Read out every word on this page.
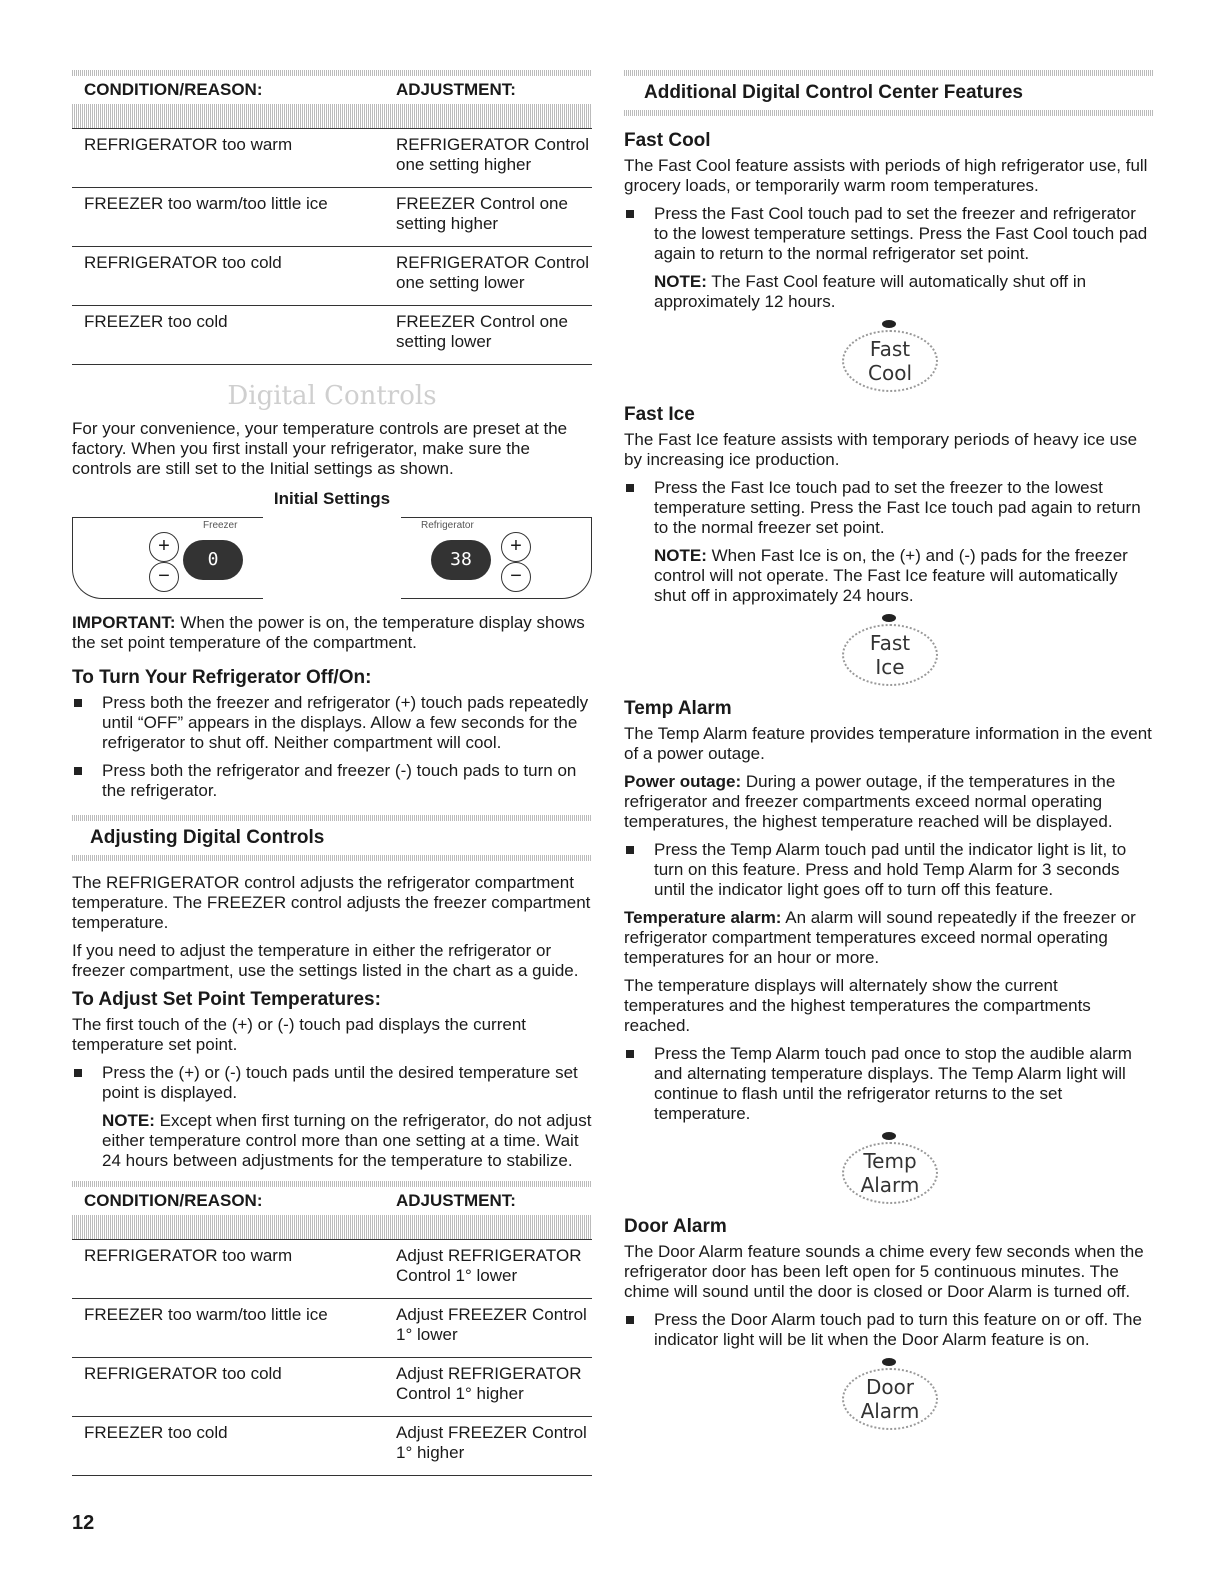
CONDITION/REASON:	ADJUSTMENT:

REFRIGERATOR too warm	REFRIGERATOR Control one setting higher
FREEZER too warm/too little ice	FREEZER Control one setting higher
REFRIGERATOR too cold	REFRIGERATOR Control one setting lower
FREEZER too cold	FREEZER Control one setting lower
Digital Controls

For your convenience, your temperature controls are preset at the factory. When you first install your refrigerator, make sure the controls are still set to the Initial settings as shown.

Initial Settings
Freezer
+
−
0
Refrigerator
38
+
−

IMPORTANT: When the power is on, the temperature display shows the set point temperature of the compartment.

To Turn Your Refrigerator Off/On:
Press both the freezer and refrigerator (+) touch pads repeatedly until “OFF” appears in the displays. Allow a few seconds for the refrigerator to shut off. Neither compartment will cool.
Press both the refrigerator and freezer (-) touch pads to turn on the refrigerator.
Adjusting Digital Controls

The REFRIGERATOR control adjusts the refrigerator compartment temperature. The FREEZER control adjusts the freezer compartment temperature.

If you need to adjust the temperature in either the refrigerator or freezer compartment, use the settings listed in the chart as a guide.

To Adjust Set Point Temperatures:

The first touch of the (+) or (-) touch pad displays the current temperature set point.

Press the (+) or (-) touch pads until the desired temperature set point is displayed.
NOTE: Except when first turning on the refrigerator, do not adjust either temperature control more than one setting at a time. Wait 24 hours between adjustments for the temperature to stabilize.
CONDITION/REASON:	ADJUSTMENT:

REFRIGERATOR too warm	Adjust REFRIGERATOR Control 1° lower
FREEZER too warm/too little ice	Adjust FREEZER Control 1° lower
REFRIGERATOR too cold	Adjust REFRIGERATOR Control 1° higher
FREEZER too cold	Adjust FREEZER Control 1° higher
Additional Digital Control Center Features
Fast Cool

The Fast Cool feature assists with periods of high refrigerator use, full grocery loads, or temporarily warm room temperatures.

Press the Fast Cool touch pad to set the freezer and refrigerator to the lowest temperature settings. Press the Fast Cool touch pad again to return to the normal refrigerator set point.
NOTE: The Fast Cool feature will automatically shut off in approximately 12 hours.
Fast
Cool
Fast Ice

The Fast Ice feature assists with temporary periods of heavy ice use by increasing ice production.

Press the Fast Ice touch pad to set the freezer to the lowest temperature setting. Press the Fast Ice touch pad again to return to the normal freezer set point.
NOTE: When Fast Ice is on, the (+) and (-) pads for the freezer control will not operate. The Fast Ice feature will automatically shut off in approximately 24 hours.
Fast
Ice
Temp Alarm

The Temp Alarm feature provides temperature information in the event of a power outage.

Power outage: During a power outage, if the temperatures in the refrigerator and freezer compartments exceed normal operating temperatures, the highest temperature reached will be displayed.

Press the Temp Alarm touch pad until the indicator light is lit, to turn on this feature. Press and hold Temp Alarm for 3 seconds until the indicator light goes off to turn off this feature.

Temperature alarm: An alarm will sound repeatedly if the freezer or refrigerator compartment temperatures exceed normal operating temperatures for an hour or more.

The temperature displays will alternately show the current temperatures and the highest temperatures the compartments reached.

Press the Temp Alarm touch pad once to stop the audible alarm and alternating temperature displays. The Temp Alarm light will continue to flash until the refrigerator returns to the set temperature.
Temp
Alarm
Door Alarm

The Door Alarm feature sounds a chime every few seconds when the refrigerator door has been left open for 5 continuous minutes. The chime will sound until the door is closed or Door Alarm is turned off.

Press the Door Alarm touch pad to turn this feature on or off. The indicator light will be lit when the Door Alarm feature is on.
Door
Alarm
12
